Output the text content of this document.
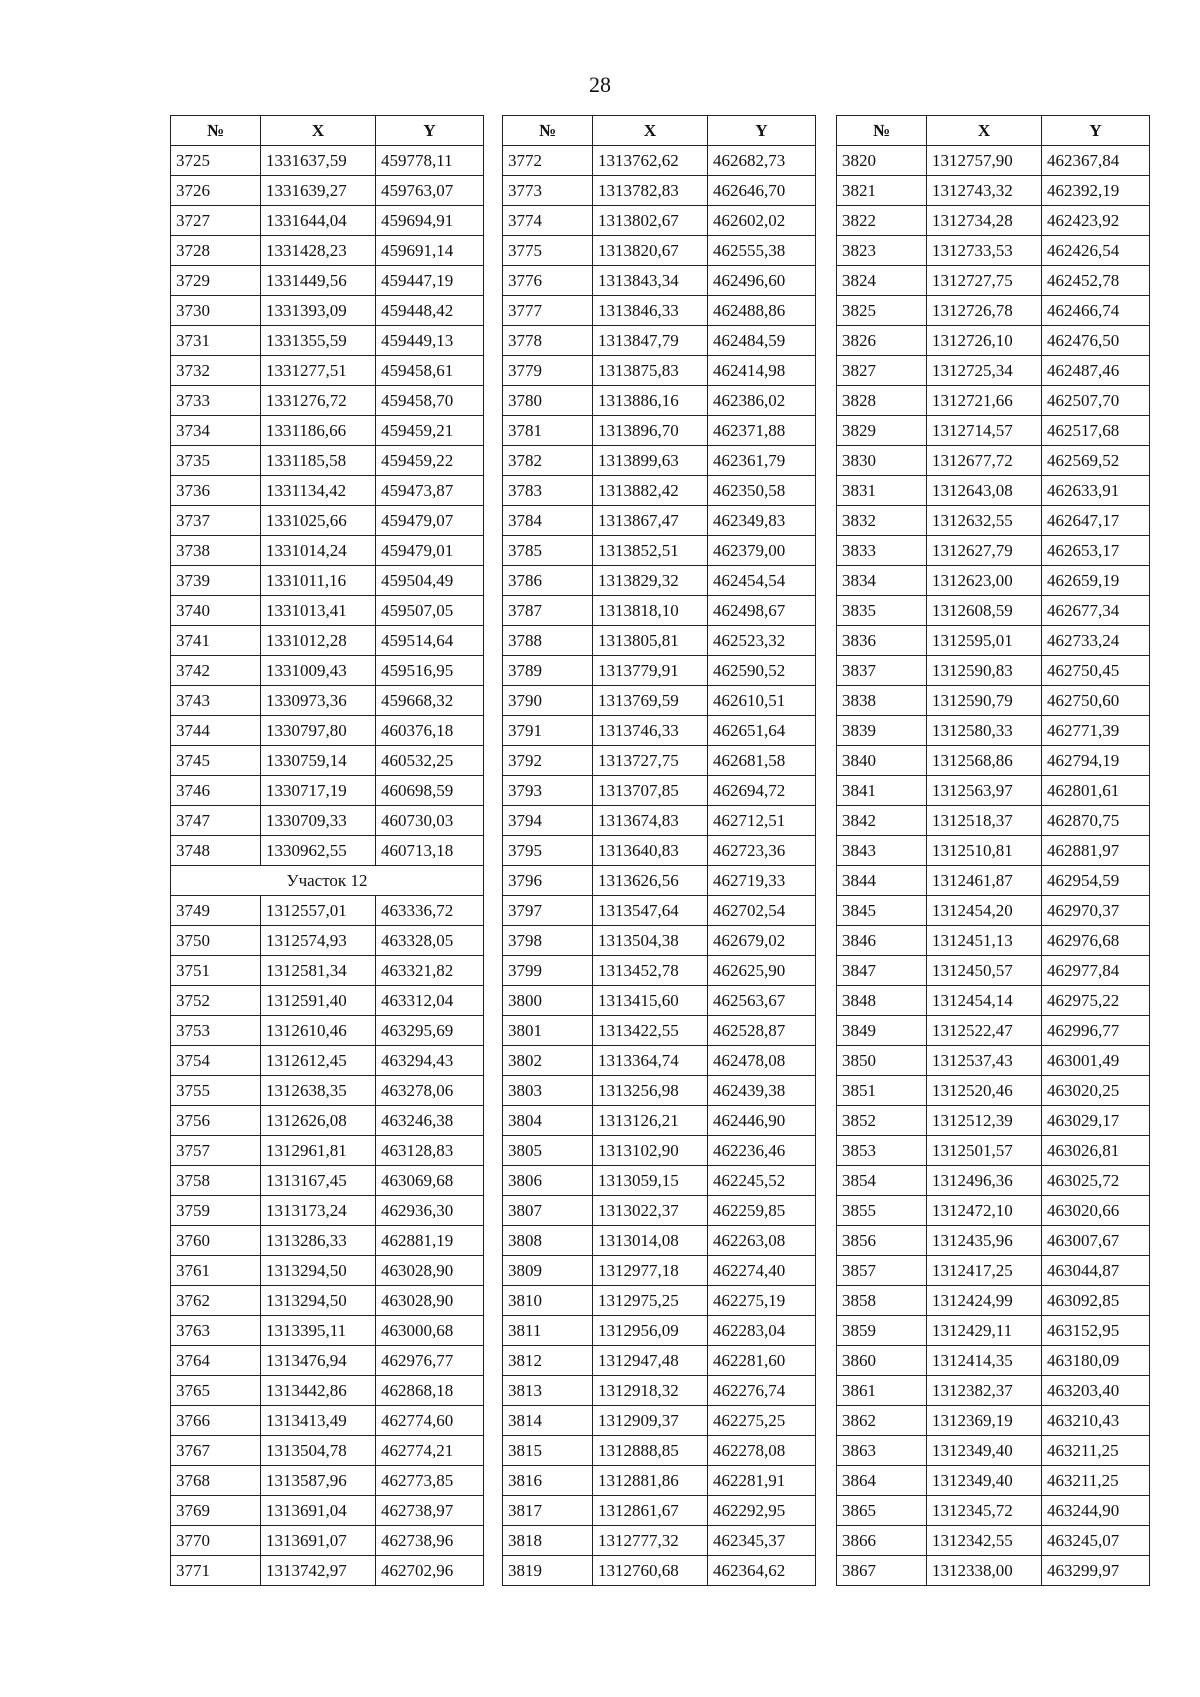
28
№	X	Y
3725	1331637,59	459778,11
3726	1331639,27	459763,07
3727	1331644,04	459694,91
3728	1331428,23	459691,14
3729	1331449,56	459447,19
3730	1331393,09	459448,42
3731	1331355,59	459449,13
3732	1331277,51	459458,61
3733	1331276,72	459458,70
3734	1331186,66	459459,21
3735	1331185,58	459459,22
3736	1331134,42	459473,87
3737	1331025,66	459479,07
3738	1331014,24	459479,01
3739	1331011,16	459504,49
3740	1331013,41	459507,05
3741	1331012,28	459514,64
3742	1331009,43	459516,95
3743	1330973,36	459668,32
3744	1330797,80	460376,18
3745	1330759,14	460532,25
3746	1330717,19	460698,59
3747	1330709,33	460730,03
3748	1330962,55	460713,18
Участок 12		
3749	1312557,01	463336,72
3750	1312574,93	463328,05
3751	1312581,34	463321,82
3752	1312591,40	463312,04
3753	1312610,46	463295,69
3754	1312612,45	463294,43
3755	1312638,35	463278,06
3756	1312626,08	463246,38
3757	1312961,81	463128,83
3758	1313167,45	463069,68
3759	1313173,24	462936,30
3760	1313286,33	462881,19
3761	1313294,50	463028,90
3762	1313294,50	463028,90
3763	1313395,11	463000,68
3764	1313476,94	462976,77
3765	1313442,86	462868,18
3766	1313413,49	462774,60
3767	1313504,78	462774,21
3768	1313587,96	462773,85
3769	1313691,04	462738,97
3770	1313691,07	462738,96
3771	1313742,97	462702,96
№	X	Y
3772	1313762,62	462682,73
3773	1313782,83	462646,70
3774	1313802,67	462602,02
3775	1313820,67	462555,38
3776	1313843,34	462496,60
3777	1313846,33	462488,86
3778	1313847,79	462484,59
3779	1313875,83	462414,98
3780	1313886,16	462386,02
3781	1313896,70	462371,88
3782	1313899,63	462361,79
3783	1313882,42	462350,58
3784	1313867,47	462349,83
3785	1313852,51	462379,00
3786	1313829,32	462454,54
3787	1313818,10	462498,67
3788	1313805,81	462523,32
3789	1313779,91	462590,52
3790	1313769,59	462610,51
3791	1313746,33	462651,64
3792	1313727,75	462681,58
3793	1313707,85	462694,72
3794	1313674,83	462712,51
3795	1313640,83	462723,36
3796	1313626,56	462719,33
3797	1313547,64	462702,54
3798	1313504,38	462679,02
3799	1313452,78	462625,90
3800	1313415,60	462563,67
3801	1313422,55	462528,87
3802	1313364,74	462478,08
3803	1313256,98	462439,38
3804	1313126,21	462446,90
3805	1313102,90	462236,46
3806	1313059,15	462245,52
3807	1313022,37	462259,85
3808	1313014,08	462263,08
3809	1312977,18	462274,40
3810	1312975,25	462275,19
3811	1312956,09	462283,04
3812	1312947,48	462281,60
3813	1312918,32	462276,74
3814	1312909,37	462275,25
3815	1312888,85	462278,08
3816	1312881,86	462281,91
3817	1312861,67	462292,95
3818	1312777,32	462345,37
3819	1312760,68	462364,62
№	X	Y
3820	1312757,90	462367,84
3821	1312743,32	462392,19
3822	1312734,28	462423,92
3823	1312733,53	462426,54
3824	1312727,75	462452,78
3825	1312726,78	462466,74
3826	1312726,10	462476,50
3827	1312725,34	462487,46
3828	1312721,66	462507,70
3829	1312714,57	462517,68
3830	1312677,72	462569,52
3831	1312643,08	462633,91
3832	1312632,55	462647,17
3833	1312627,79	462653,17
3834	1312623,00	462659,19
3835	1312608,59	462677,34
3836	1312595,01	462733,24
3837	1312590,83	462750,45
3838	1312590,79	462750,60
3839	1312580,33	462771,39
3840	1312568,86	462794,19
3841	1312563,97	462801,61
3842	1312518,37	462870,75
3843	1312510,81	462881,97
3844	1312461,87	462954,59
3845	1312454,20	462970,37
3846	1312451,13	462976,68
3847	1312450,57	462977,84
3848	1312454,14	462975,22
3849	1312522,47	462996,77
3850	1312537,43	463001,49
3851	1312520,46	463020,25
3852	1312512,39	463029,17
3853	1312501,57	463026,81
3854	1312496,36	463025,72
3855	1312472,10	463020,66
3856	1312435,96	463007,67
3857	1312417,25	463044,87
3858	1312424,99	463092,85
3859	1312429,11	463152,95
3860	1312414,35	463180,09
3861	1312382,37	463203,40
3862	1312369,19	463210,43
3863	1312349,40	463211,25
3864	1312349,40	463211,25
3865	1312345,72	463244,90
3866	1312342,55	463245,07
3867	1312338,00	463299,97
